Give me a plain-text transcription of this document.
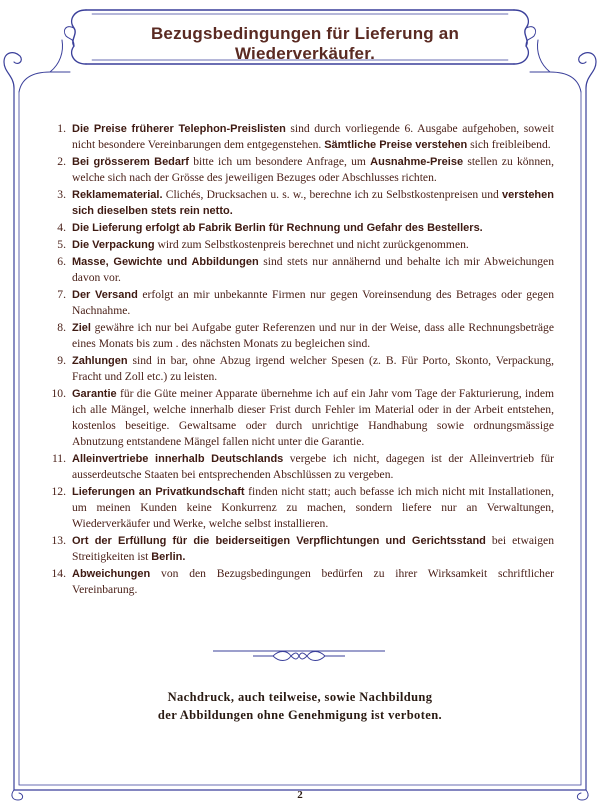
Bezugsbedingungen für Lieferung an Wiederverkäufer.
1. Die Preise früherer Telephon-Preislisten sind durch vorliegende 6. Ausgabe aufgehoben, soweit nicht besondere Vereinbarungen dem entgegenstehen. Sämtliche Preise verstehen sich freibleibend.
2. Bei grösserem Bedarf bitte ich um besondere Anfrage, um Ausnahme-Preise stellen zu können, welche sich nach der Grösse des jeweiligen Bezuges oder Abschlusses richten.
3. Reklamematerial. Clichés, Drucksachen u. s. w., berechne ich zu Selbstkostenpreisen und verstehen sich dieselben stets rein netto.
4. Die Lieferung erfolgt ab Fabrik Berlin für Rechnung und Gefahr des Bestellers.
5. Die Verpackung wird zum Selbstkostenpreis berechnet und nicht zurückgenommen.
6. Masse, Gewichte und Abbildungen sind stets nur annähernd und behalte ich mir Abweichungen davon vor.
7. Der Versand erfolgt an mir unbekannte Firmen nur gegen Voreinsendung des Betrages oder gegen Nachnahme.
8. Ziel gewähre ich nur bei Aufgabe guter Referenzen und nur in der Weise, dass alle Rechnungsbeträge eines Monats bis zum . des nächsten Monats zu begleichen sind.
9. Zahlungen sind in bar, ohne Abzug irgend welcher Spesen (z. B. Für Porto, Skonto, Verpackung, Fracht und Zoll etc.) zu leisten.
10. Garantie für die Güte meiner Apparate übernehme ich auf ein Jahr vom Tage der Fakturierung, indem ich alle Mängel, welche innerhalb dieser Frist durch Fehler im Material oder in der Arbeit entstehen, kostenlos beseitige. Gewaltsame oder durch unrichtige Handhabung sowie ordnungsmässige Abnutzung entstandene Mängel fallen nicht unter die Garantie.
11. Alleinvertriebe innerhalb Deutschlands vergebe ich nicht, dagegen ist der Alleinvertrieb für ausserdeutsche Staaten bei entsprechenden Abschlüssen zu vergeben.
12. Lieferungen an Privatkundschaft finden nicht statt; auch befasse ich mich nicht mit Installationen, um meinen Kunden keine Konkurrenz zu machen, sondern liefere nur an Verwaltungen, Wiederverkäufer und Werke, welche selbst installieren.
13. Ort der Erfüllung für die beiderseitigen Verpflichtungen und Gerichtsstand bei etwaigen Streitigkeiten ist Berlin.
14. Abweichungen von den Bezugsbedingungen bedürfen zu ihrer Wirksamkeit schriftlicher Vereinbarung.
Nachdruck, auch teilweise, sowie Nachbildung
der Abbildungen ohne Genehmigung ist verboten.
2
